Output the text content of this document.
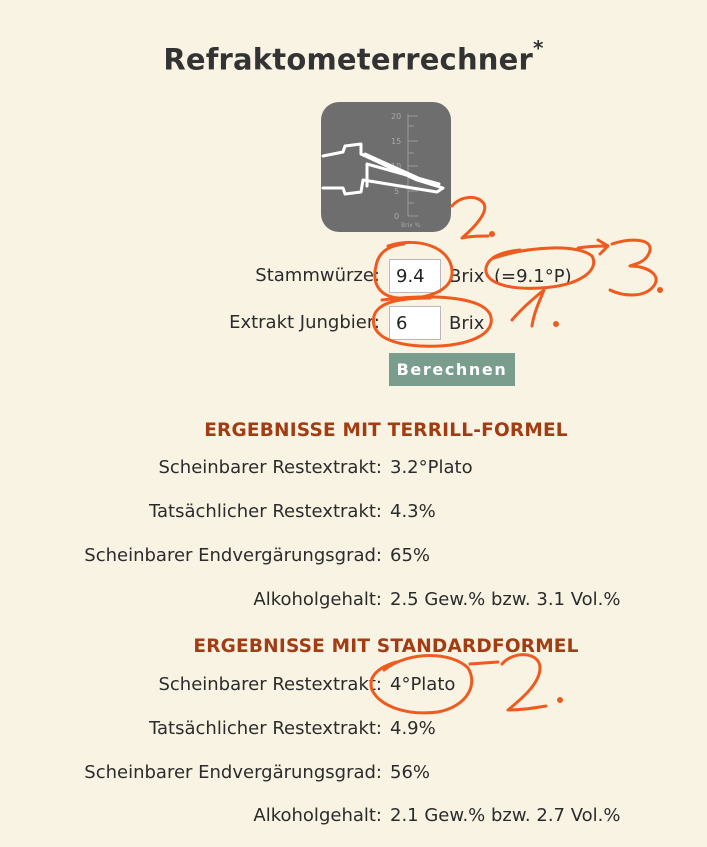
Refraktometerrechner*
20
15
10
5
0
Brix %
Stammwürze:
9.4	Brix (=9.1°P)
Extrakt Jungbier:
6	Brix
Berechnen
ERGEBNISSE MIT TERRILL-FORMEL
Scheinbarer Restextrakt: 3.2°Plato
Tatsächlicher Restextrakt: 4.3%
Scheinbarer Endvergärungsgrad: 65%
Alkoholgehalt: 2.5 Gew.% bzw. 3.1 Vol.%
ERGEBNISSE MIT STANDARDFORMEL
Scheinbarer Restextrakt: 4°Plato
Tatsächlicher Restextrakt: 4.9%
Scheinbarer Endvergärungsgrad: 56%
Alkoholgehalt: 2.1 Gew.% bzw. 2.7 Vol.%
